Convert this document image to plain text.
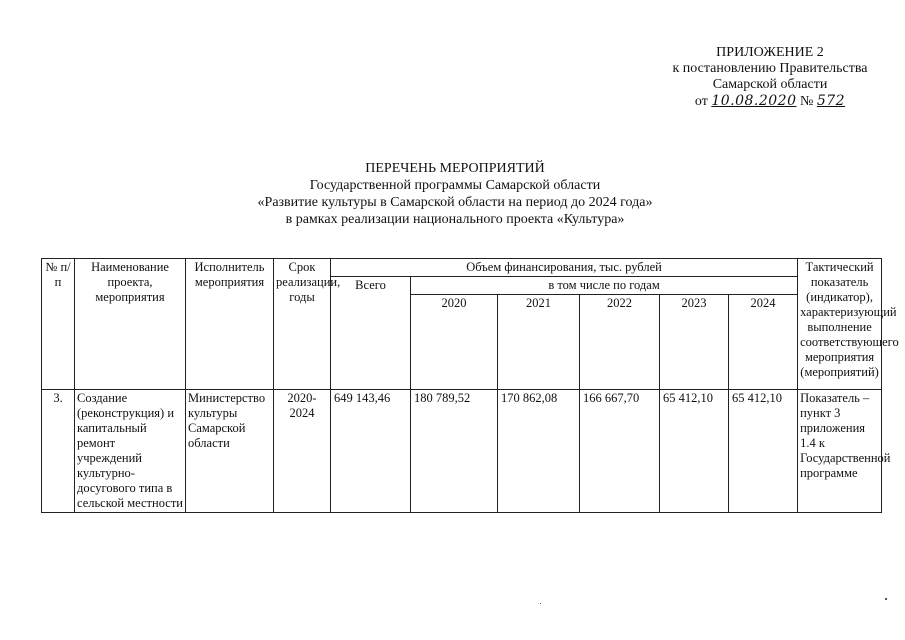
ПРИЛОЖЕНИЕ 2
к постановлению Правительства
Самарской области
от 10.08.2020 № 572
ПЕРЕЧЕНЬ МЕРОПРИЯТИЙ
Государственной программы Самарской области
«Развитие культуры в Самарской области на период до 2024 года»
в рамках реализации национального проекта «Культура»
№ п/п	Наименование проекта, мероприятия	Исполнитель мероприятия	Срок реализации, годы	Объем финансирования, тыс. рублей						Тактический показатель (индикатор), характеризующий выполнение соответствующего мероприятия (мероприятий)
				Всего	в том числе по годам					
					2020	2021	2022	2023	2024	
3.	Создание (реконструкция) и капитальный ремонт учреждений культурно-досугового типа в сельской местности	Министерство культуры Самарской области	2020-2024	649 143,46	180 789,52	170 862,08	166 667,70	65 412,10	65 412,10	Показатель – пункт 3 приложения 1.4 к Государственной программе
